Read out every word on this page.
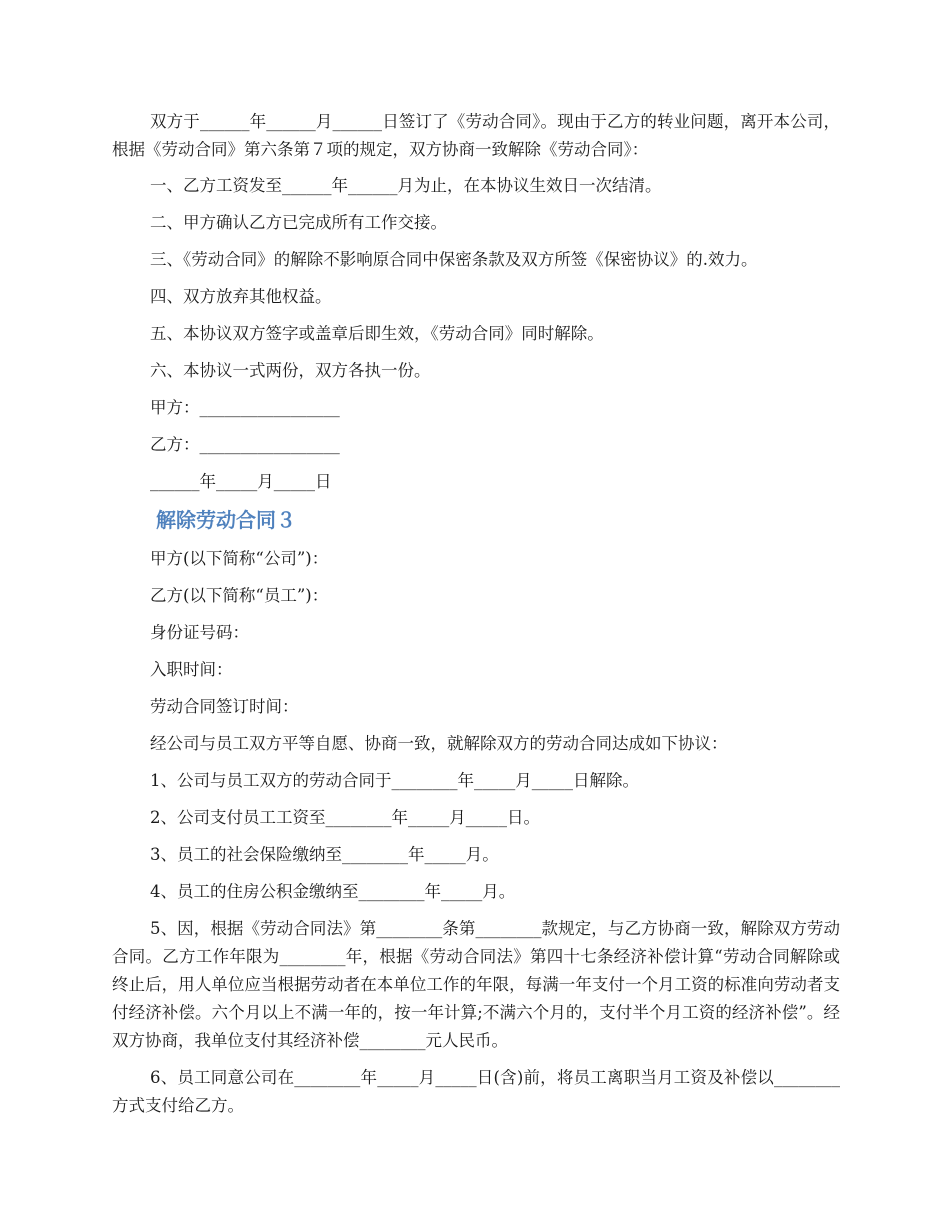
双方于______年______月______日签订了《劳动合同》。现由于乙方的转业问题，离开本公司，根据《劳动合同》第六条第７项的规定，双方协商一致解除《劳动合同》：

一、乙方工资发至______年______月为止，在本协议生效日一次结清。

二、甲方确认乙方已完成所有工作交接。

三、《劳动合同》的解除不影响原合同中保密条款及双方所签《保密协议》的.效力。

四、双方放弃其他权益。

五、本协议双方签字或盖章后即生效，《劳动合同》同时解除。

六、本协议一式两份，双方各执一份。

甲方：_________________

乙方：_________________

______年_____月_____日

解除劳动合同３

甲方(以下简称“公司”)：

乙方(以下简称“员工”)：

身份证号码：

入职时间：

劳动合同签订时间：

经公司与员工双方平等自愿、协商一致，就解除双方的劳动合同达成如下协议：

1、公司与员工双方的劳动合同于________年_____月_____日解除。

2、公司支付员工工资至________年_____月_____日。

3、员工的社会保险缴纳至________年_____月。

4、员工的住房公积金缴纳至________年_____月。

5、因，根据《劳动合同法》第________条第________款规定，与乙方协商一致，解除双方劳动合同。乙方工作年限为________年，根据《劳动合同法》第四十七条经济补偿计算“劳动合同解除或终止后，用人单位应当根据劳动者在本单位工作的年限，每满一年支付一个月工资的标准向劳动者支付经济补偿。六个月以上不满一年的，按一年计算;不满六个月的，支付半个月工资的经济补偿”。经双方协商，我单位支付其经济补偿________元人民币。

6、员工同意公司在________年_____月_____日(含)前，将员工离职当月工资及补偿以________方式支付给乙方。
